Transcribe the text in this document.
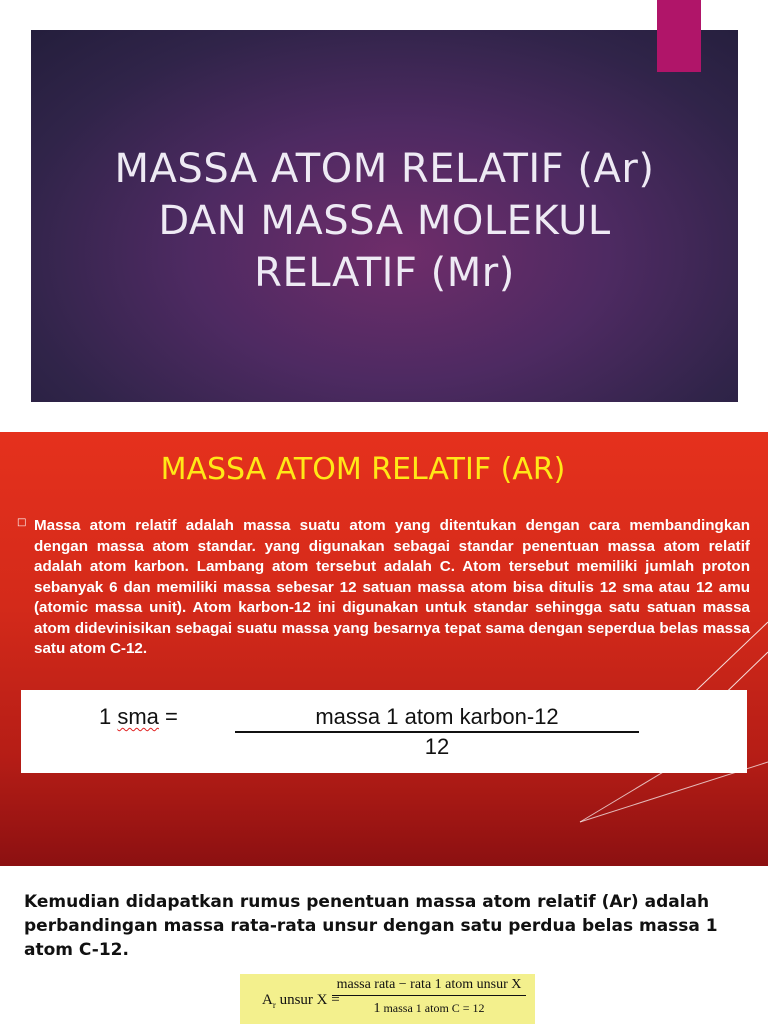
MASSA ATOM RELATIF (Ar)
DAN MASSA MOLEKUL
RELATIF (Mr)
MASSA ATOM RELATIF (AR)
□ Massa atom relatif adalah massa suatu atom yang ditentukan dengan cara membandingkan dengan massa atom standar. yang digunakan sebagai standar penentuan massa atom relatif adalah atom karbon. Lambang atom tersebut adalah C. Atom tersebut memiliki jumlah proton sebanyak 6 dan memiliki massa sebesar 12 satuan massa atom bisa ditulis 12 sma atau 12 amu (atomic massa unit). Atom karbon-12 ini digunakan untuk standar sehingga satu satuan massa atom didevinisikan sebagai suatu massa yang besarnya tepat sama dengan seperdua belas massa satu atom C-12.
1 sma =	massa 1 atom karbon-12
12
Kemudian didapatkan rumus penentuan massa atom relatif (Ar) adalah perbandingan massa rata-rata unsur dengan satu perdua belas massa 1 atom C-12.
$A_r$ unsur X =
massa rata − rata 1 atom unsur X
1 massa 1 atom C = 12
